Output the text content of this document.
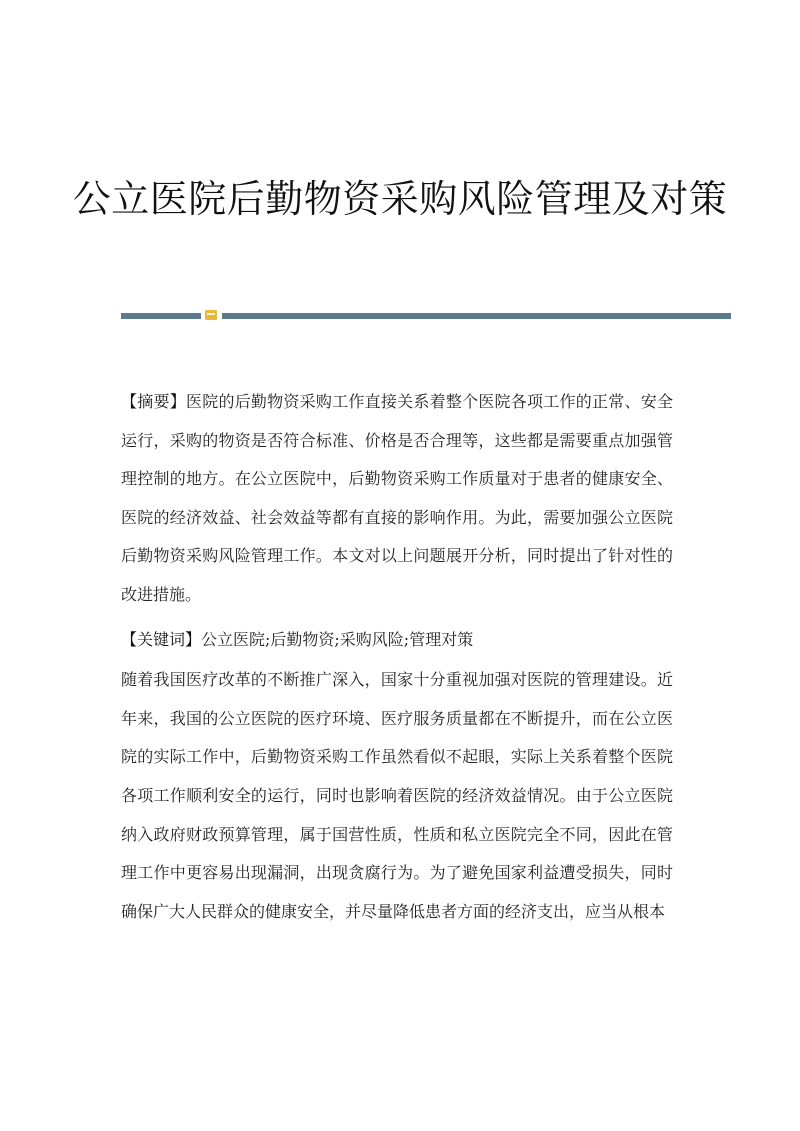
公立医院后勤物资采购风险管理及对策

【摘要】医院的后勤物资采购工作直接关系着整个医院各项工作的正常、安全运行，采购的物资是否符合标准、价格是否合理等，这些都是需要重点加强管理控制的地方。在公立医院中，后勤物资采购工作质量对于患者的健康安全、医院的经济效益、社会效益等都有直接的影响作用。为此，需要加强公立医院后勤物资采购风险管理工作。本文对以上问题展开分析，同时提出了针对性的改进措施。

【关键词】公立医院;后勤物资;采购风险;管理对策

随着我国医疗改革的不断推广深入，国家十分重视加强对医院的管理建设。近年来，我国的公立医院的医疗环境、医疗服务质量都在不断提升，而在公立医院的实际工作中，后勤物资采购工作虽然看似不起眼，实际上关系着整个医院各项工作顺利安全的运行，同时也影响着医院的经济效益情况。由于公立医院纳入政府财政预算管理，属于国营性质，性质和私立医院完全不同，因此在管理工作中更容易出现漏洞，出现贪腐行为。为了避免国家利益遭受损失，同时确保广大人民群众的健康安全，并尽量降低患者方面的经济支出，应当从根本
